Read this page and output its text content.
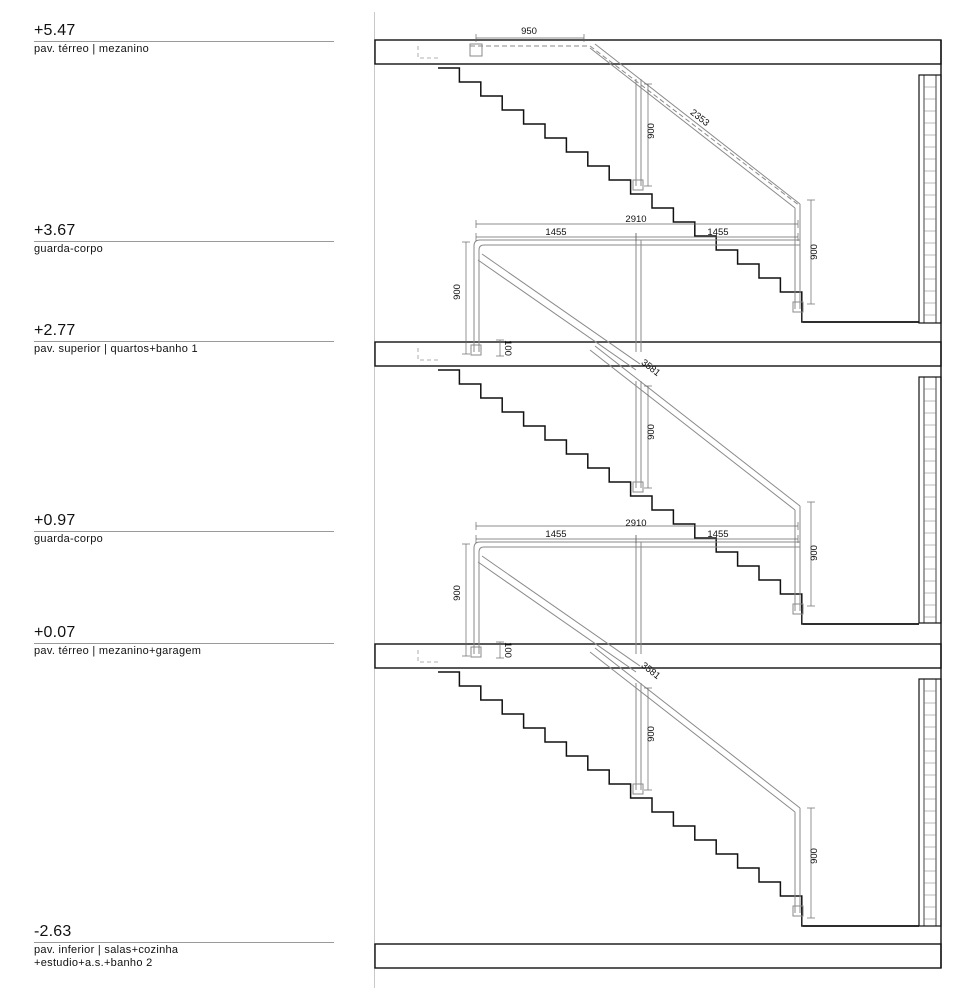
+5.47
pav. térreo | mezanino
+3.67
guarda-corpo
+2.77
pav. superior | quartos+banho 1
+0.97
guarda-corpo
+0.07
pav. térreo | mezanino+garagem
-2.63
pav. inferior | salas+cozinha
+estudio+a.s.+banho 2
950
2353
900
900
2910
1455	1455
900
100
3581
900
2910
1455	1455
900
900
100
3581
900
900
